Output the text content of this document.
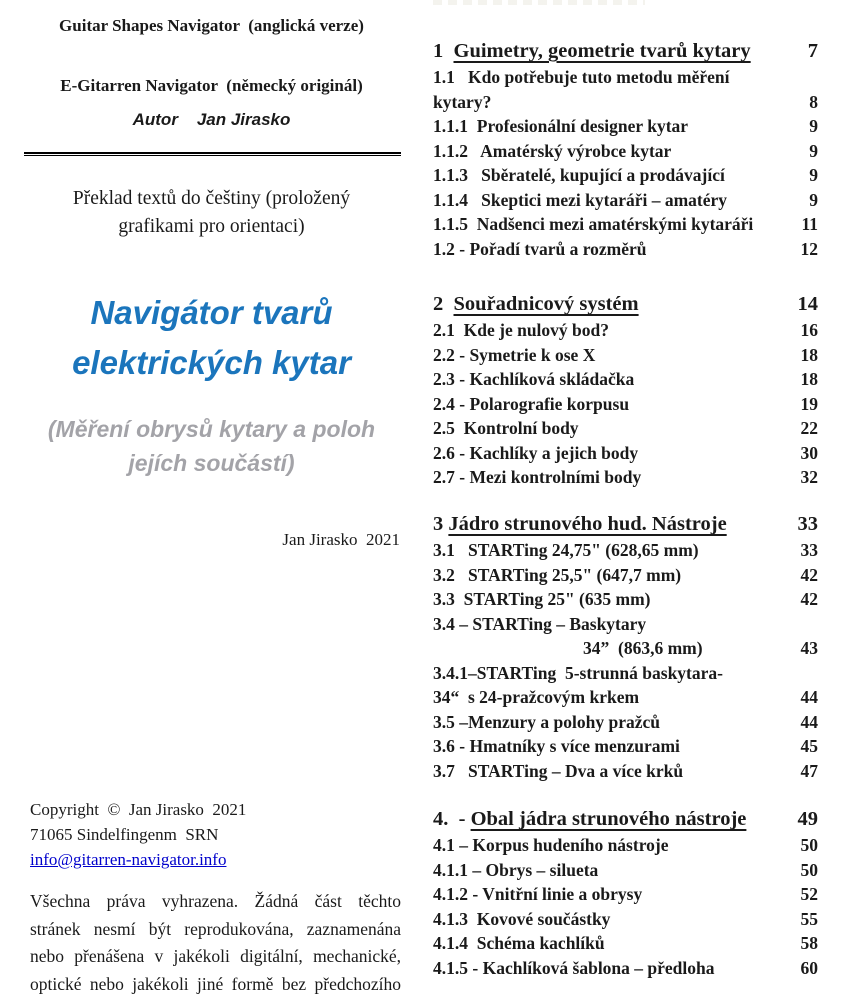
Guitar Shapes Navigator  (anglická verze)
E-Gitarren Navigator  (německý originál)
Autor    Jan Jirasko
Překlad textů do češtiny (proložený
grafikami pro orientaci)
Navigátor tvarů
elektrických kytar
(Měření obrysů kytary a poloh
jejích součástí)
Jan Jirasko  2021
Copyright  ©  Jan Jirasko  2021
71065 Sindelfingenm  SRN
info@gitarren-navigator.info
Všechna práva vyhrazena. Žádná část těchto
stránek nesmí být reprodukována, zaznamenána
nebo přenášena v jakékoli digitální, mechanické,
optické nebo jakékoli jiné formě bez předchozího
1  Guimetry, geometrie tvarů kytary	7
1.1   Kdo potřebuje tuto metodu měření
kytary?	8
1.1.1  Profesionální designer kytar	9
1.1.2   Amatérský výrobce kytar	9
1.1.3   Sběratelé, kupující a prodávající	9
1.1.4   Skeptici mezi kytaráři – amatéry	9
1.1.5  Nadšenci mezi amatérskými kytaráři	11
1.2 - Pořadí tvarů a rozměrů	12
2  Souřadnicový systém	14
2.1  Kde je nulový bod?	16
2.2 - Symetrie k ose X	18
2.3 - Kachlíková skládačka	18
2.4 - Polarografie korpusu	19
2.5  Kontrolní body	22
2.6 - Kachlíky a jejich body	30
2.7 - Mezi kontrolními body	32
3 Jádro strunového hud. Nástroje	33
3.1   STARTing 24,75" (628,65 mm)	33
3.2   STARTing 25,5" (647,7 mm)	42
3.3  STARTing 25" (635 mm)	42
3.4 – STARTing – Baskytary
34”  (863,6 mm)	43
3.4.1–STARTing  5-strunná baskytara-
34“  s 24-pražcovým krkem	44
3.5 –Menzury a polohy pražců	44
3.6 - Hmatníky s více menzurami	45
3.7   STARTing – Dva a více krků	47
4.  - Obal jádra strunového nástroje 49
4.1 – Korpus hudeního nástroje	50
4.1.1 – Obrys – silueta	50
4.1.2 - Vnitřní linie a obrysy	52
4.1.3  Kovové součástky	55
4.1.4  Schéma kachlíků	58
4.1.5 - Kachlíková šablona – předloha	60
